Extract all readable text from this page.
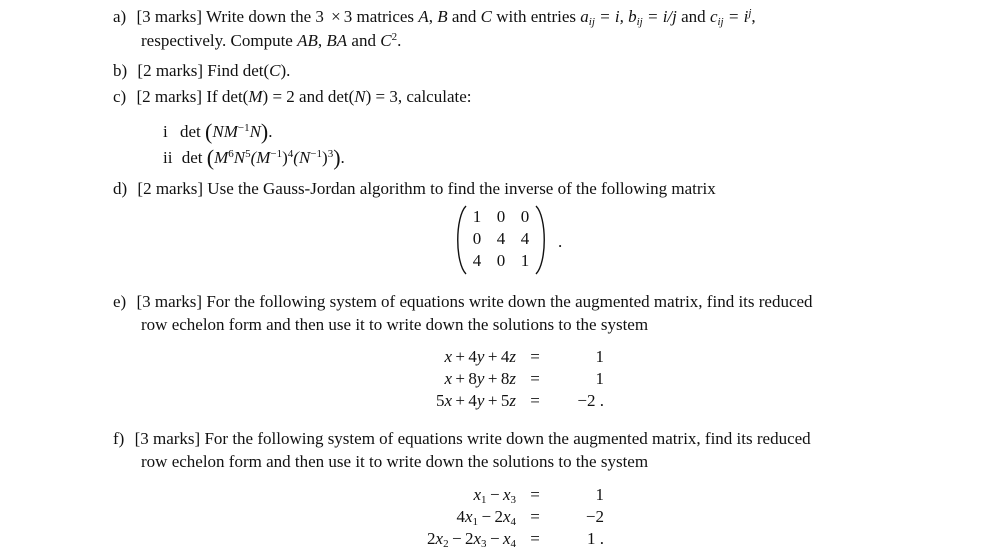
a) [3 marks] Write down the 3 × 3 matrices A, B and C with entries $a_{ij} = i$, $b_{ij} = i/j$ and $c_{ij} = i^j$,
respectively. Compute AB, BA and $C^2$.
b) [2 marks] Find det(C).
c) [2 marks] If det(M) = 2 and det(N) = 3, calculate:
i $\det (NM^{-1}N)$.
ii $\det (M^6N^5(M^{-1})^4(N^{-1})^3)$.
d) [2 marks] Use the Gauss-Jordan algorithm to find the inverse of the following matrix
1 0 0
0 4 4
4 0 1
.
e) [3 marks] For the following system of equations write down the augmented matrix, find its reduced
row echelon form and then use it to write down the solutions to the system
x + 4y + 4z =	1
x + 8y + 8z =	1
5x + 4y + 5z =	−2 .
f) [3 marks] For the following system of equations write down the augmented matrix, find its reduced
row echelon form and then use it to write down the solutions to the system
$x_1 - x_3$ =	1
$4x_1 - 2x_4$ =	−2
$2x_2 - 2x_3 - x_4$ =	1 .
